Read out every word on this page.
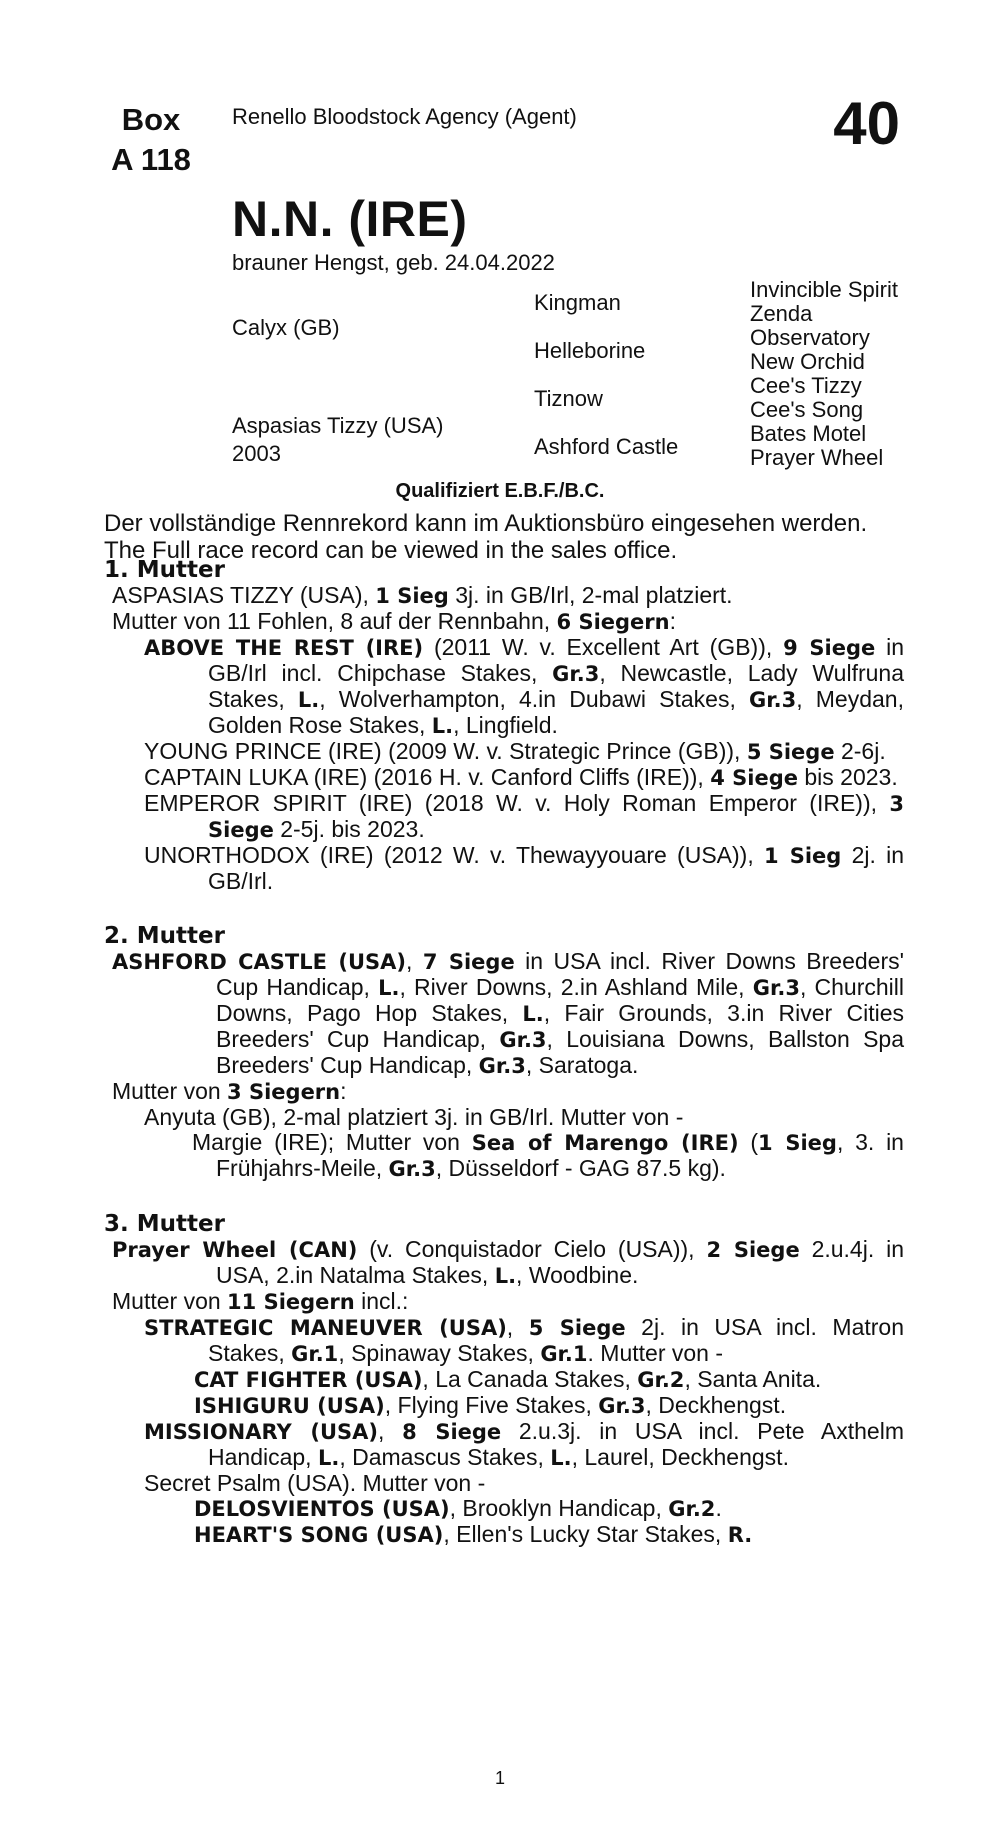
Box
A 118
Renello Bloodstock Agency (Agent)	40
N.N. (IRE)
brauner Hengst, geb. 24.04.2022
Calyx (GB)
Aspasias Tizzy (USA)
2003
Kingman
Helleborine
Tiznow
Ashford Castle
Invincible Spirit
Zenda
Observatory
New Orchid
Cee's Tizzy
Cee's Song
Bates Motel
Prayer Wheel
Qualifiziert E.B.F./B.C.
Der vollständige Rennrekord kann im Auktionsbüro eingesehen werden.
The Full race record can be viewed in the sales office.
1. Mutter
ASPASIAS TIZZY (USA), 1 Sieg 3j. in GB/Irl, 2-mal platziert.
Mutter von 11 Fohlen, 8 auf der Rennbahn, 6 Siegern:
ABOVE THE REST (IRE) (2011 W. v. Excellent Art (GB)), 9 Siege in GB/Irl incl. Chipchase Stakes, Gr.3, Newcastle, Lady Wulfruna Stakes, L., Wolverhampton, 4.in Dubawi Stakes, Gr.3, Meydan, Golden Rose Stakes, L., Lingfield.
YOUNG PRINCE (IRE) (2009 W. v. Strategic Prince (GB)), 5 Siege 2-6j.
CAPTAIN LUKA (IRE) (2016 H. v. Canford Cliffs (IRE)), 4 Siege bis 2023.
EMPEROR SPIRIT (IRE) (2018 W. v. Holy Roman Emperor (IRE)), 3 Siege 2-5j. bis 2023.
UNORTHODOX (IRE) (2012 W. v. Thewayyouare (USA)), 1 Sieg 2j. in GB/Irl.
2. Mutter
ASHFORD CASTLE (USA), 7 Siege in USA incl. River Downs Breeders' Cup Handicap, L., River Downs, 2.in Ashland Mile, Gr.3, Churchill Downs, Pago Hop Stakes, L., Fair Grounds, 3.in River Cities Breeders' Cup Handicap, Gr.3, Louisiana Downs, Ballston Spa Breeders' Cup Handicap, Gr.3, Saratoga.
Mutter von 3 Siegern:
Anyuta (GB), 2-mal platziert 3j. in GB/Irl. Mutter von -
Margie (IRE); Mutter von Sea of Marengo (IRE) (1 Sieg, 3. in Frühjahrs-Meile, Gr.3, Düsseldorf - GAG 87.5 kg).
3. Mutter
Prayer Wheel (CAN) (v. Conquistador Cielo (USA)), 2 Siege 2.u.4j. in USA, 2.in Natalma Stakes, L., Woodbine.
Mutter von 11 Siegern incl.:
STRATEGIC MANEUVER (USA), 5 Siege 2j. in USA incl. Matron Stakes, Gr.1, Spinaway Stakes, Gr.1. Mutter von -
CAT FIGHTER (USA), La Canada Stakes, Gr.2, Santa Anita.
ISHIGURU (USA), Flying Five Stakes, Gr.3, Deckhengst.
MISSIONARY (USA), 8 Siege 2.u.3j. in USA incl. Pete Axthelm Handicap, L., Damascus Stakes, L., Laurel, Deckhengst.
Secret Psalm (USA). Mutter von -
DELOSVIENTOS (USA), Brooklyn Handicap, Gr.2.
HEART'S SONG (USA), Ellen's Lucky Star Stakes, R.
1
